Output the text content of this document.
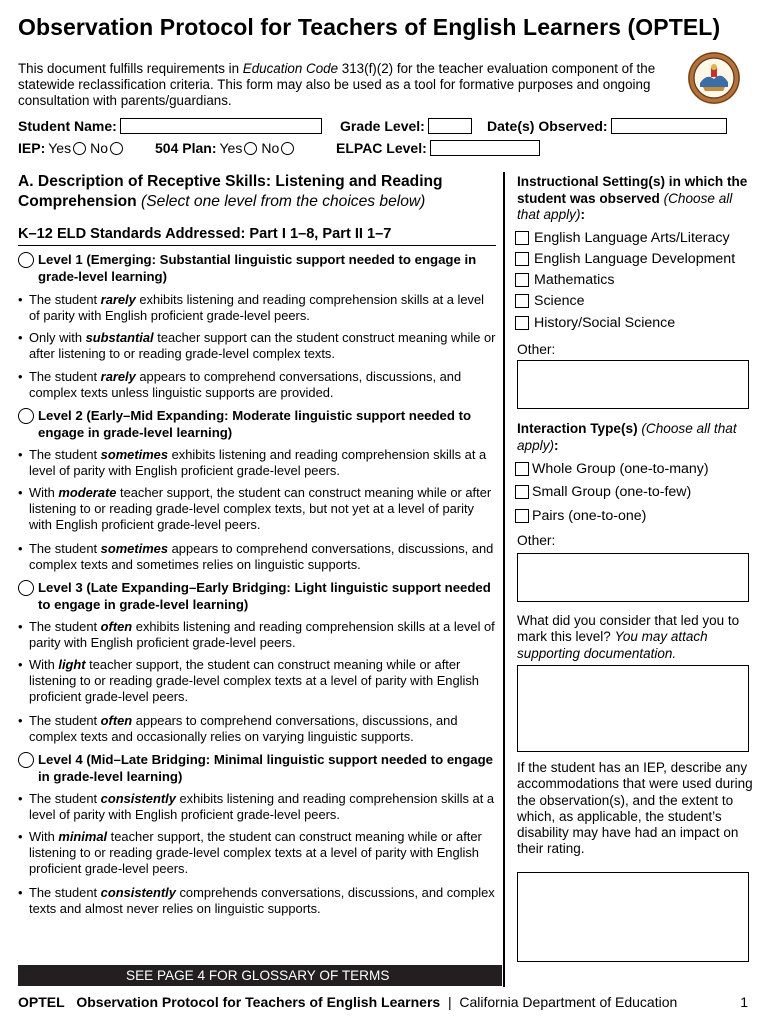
Observation Protocol for Teachers of English Learners (OPTEL)
This document fulfills requirements in Education Code 313(f)(2) for the teacher evaluation component of the statewide reclassification criteria. This form may also be used as a tool for formative purposes and ongoing consultation with parents/guardians.
Student Name:	Grade Level:	Date(s) Observed:
IEP: Yes No	504 Plan: Yes No	ELPAC Level:
A. Description of Receptive Skills: Listening and Reading Comprehension (Select one level from the choices below)
K–12 ELD Standards Addressed: Part I 1–8, Part II 1–7
Level 1 (Emerging: Substantial linguistic support needed to engage in grade-level learning)
• The student rarely exhibits listening and reading comprehension skills at a level of parity with English proficient grade-level peers.
• Only with substantial teacher support can the student construct meaning while or after listening to or reading grade-level complex texts.
• The student rarely appears to comprehend conversations, discussions, and complex texts unless linguistic supports are provided.
Level 2 (Early–Mid Expanding: Moderate linguistic support needed to engage in grade-level learning)
• The student sometimes exhibits listening and reading comprehension skills at a level of parity with English proficient grade-level peers.
• With moderate teacher support, the student can construct meaning while or after listening to or reading grade-level complex texts, but not yet at a level of parity with English proficient grade-level peers.
• The student sometimes appears to comprehend conversations, discussions, and complex texts and sometimes relies on linguistic supports.
Level 3 (Late Expanding–Early Bridging: Light linguistic support needed to engage in grade-level learning)
• The student often exhibits listening and reading comprehension skills at a level of parity with English proficient grade-level peers.
• With light teacher support, the student can construct meaning while or after listening to or reading grade-level complex texts at a level of parity with English proficient grade-level peers.
• The student often appears to comprehend conversations, discussions, and complex texts and occasionally relies on varying linguistic supports.
Level 4 (Mid–Late Bridging: Minimal linguistic support needed to engage in grade-level learning)
• The student consistently exhibits listening and reading comprehension skills at a level of parity with English proficient grade-level peers.
• With minimal teacher support, the student can construct meaning while or after listening to or reading grade-level complex texts at a level of parity with English proficient grade-level peers.
• The student consistently comprehends conversations, discussions, and complex texts and almost never relies on linguistic supports.
Instructional Setting(s) in which the student was observed (Choose all that apply):
English Language Arts/Literacy
English Language Development
Mathematics
Science
History/Social Science
Other:
Interaction Type(s) (Choose all that apply):
Whole Group (one-to-many)
Small Group (one-to-few)
Pairs (one-to-one)
Other:
What did you consider that led you to mark this level? You may attach supporting documentation.
If the student has an IEP, describe any accommodations that were used during the observation(s), and the extent to which, as applicable, the student’s disability may have had an impact on their rating.
SEE PAGE 4 FOR GLOSSARY OF TERMS
OPTEL Observation Protocol for Teachers of English Learners | California Department of Education	1
